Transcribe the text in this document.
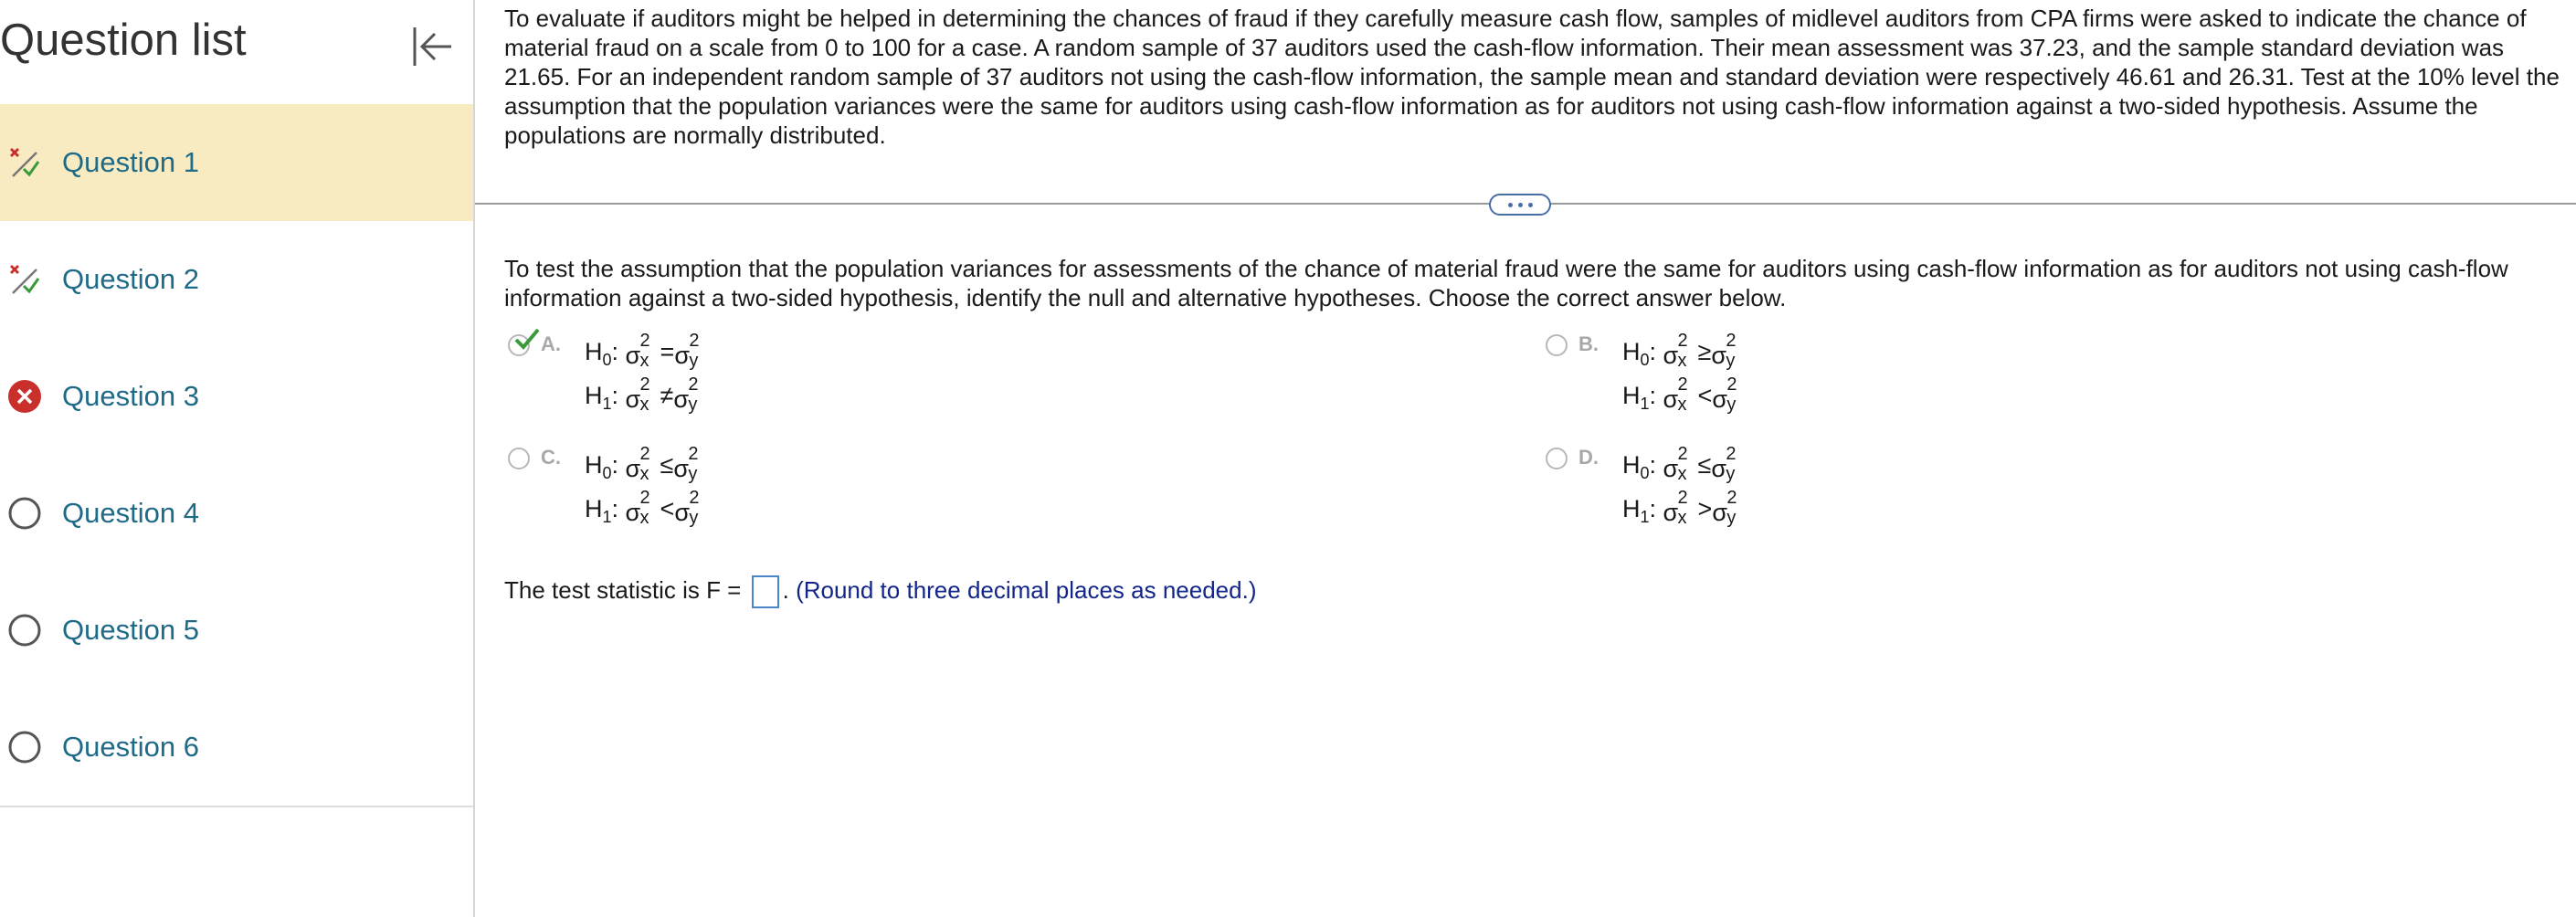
Question list
Question 1
Question 2
Question 3
Question 4
Question 5
Question 6
To evaluate if auditors might be helped in determining the chances of fraud if they carefully measure cash flow, samples of midlevel auditors from CPA firms were asked to indicate the chance of material fraud on a scale from 0 to 100 for a case. A random sample of 37 auditors used the cash-flow information. Their mean assessment was 37.23, and the sample standard deviation was 21.65. For an independent random sample of 37 auditors not using the cash-flow information, the sample mean and standard deviation were respectively 46.61 and 26.31. Test at the 10% level the assumption that the population variances were the same for auditors using cash-flow information as for auditors not using cash-flow information against a two-sided hypothesis. Assume the populations are normally distributed.
To test the assumption that the population variances for assessments of the chance of material fraud were the same for auditors using cash-flow information as for auditors not using cash-flow information against a two-sided hypothesis, identify the null and alternative hypotheses. Choose the correct answer below.
A. $H_0$: σ
2
x = σ
2
y
$H_1$: σ
2
x ≠ σ
2
y
B. $H_0$: σ
2
x ≥ σ
2
y
$H_1$: σ
2
x < σ
2
y
C. $H_0$: σ
2
x ≤ σ
2
y
$H_1$: σ
2
x < σ
2
y
D. $H_0$: σ
2
x ≤ σ
2
y
$H_1$: σ
2
x > σ
2
y
The test statistic is F = . (Round to three decimal places as needed.)
